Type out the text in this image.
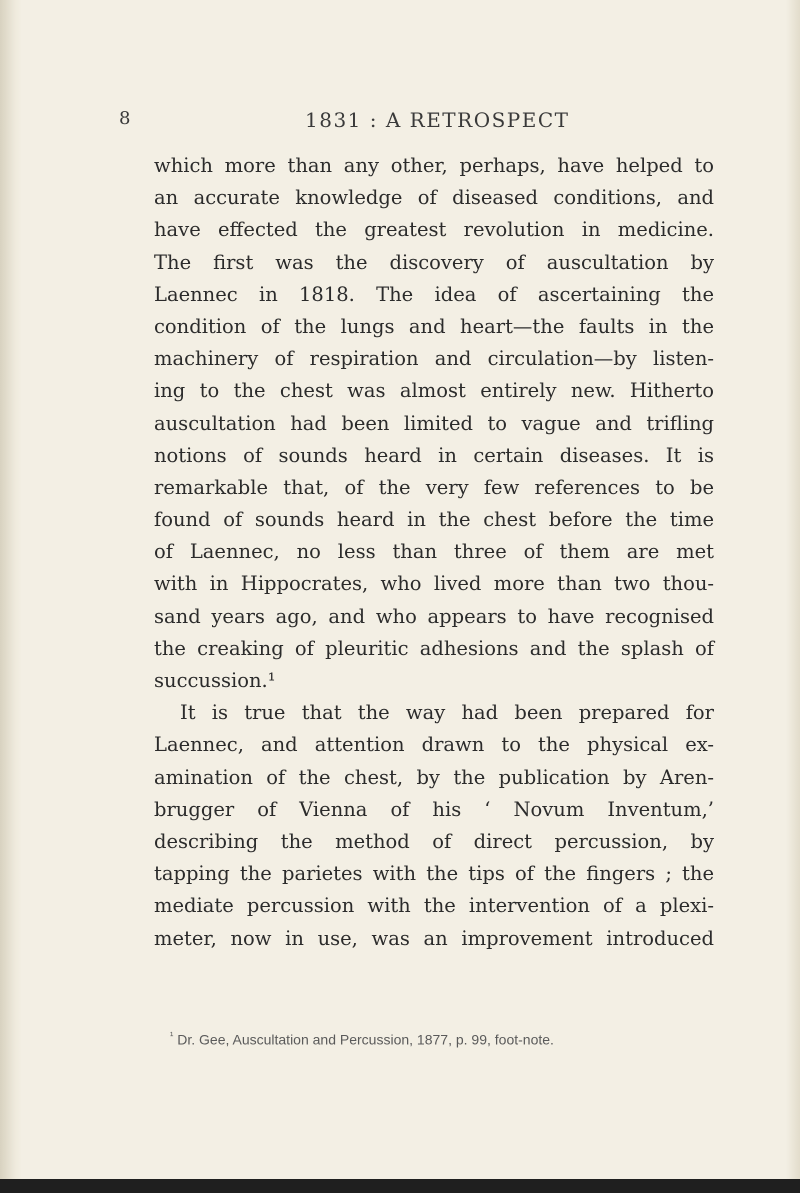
8	1831 : A RETROSPECT
which more than any other, perhaps, have helped to
an accurate knowledge of diseased conditions, and
have effected the greatest revolution in medicine.
The first was the discovery of auscultation by
Laennec in 1818. The idea of ascertaining the
condition of the lungs and heart—the faults in the
machinery of respiration and circulation—by listen-
ing to the chest was almost entirely new. Hitherto
auscultation had been limited to vague and trifling
notions of sounds heard in certain diseases. It is
remarkable that, of the very few references to be
found of sounds heard in the chest before the time
of Laennec, no less than three of them are met
with in Hippocrates, who lived more than two thou-
sand years ago, and who appears to have recognised
the creaking of pleuritic adhesions and the splash of
succussion.¹
It is true that the way had been prepared for
Laennec, and attention drawn to the physical ex-
amination of the chest, by the publication by Aren-
brugger of Vienna of his ‘ Novum Inventum,’
describing the method of direct percussion, by
tapping the parietes with the tips of the fingers ; the
mediate percussion with the intervention of a plexi-
meter, now in use, was an improvement introduced
$^{^1}$ Dr. Gee, Auscultation and Percussion, 1877, p. 99, foot-note.
